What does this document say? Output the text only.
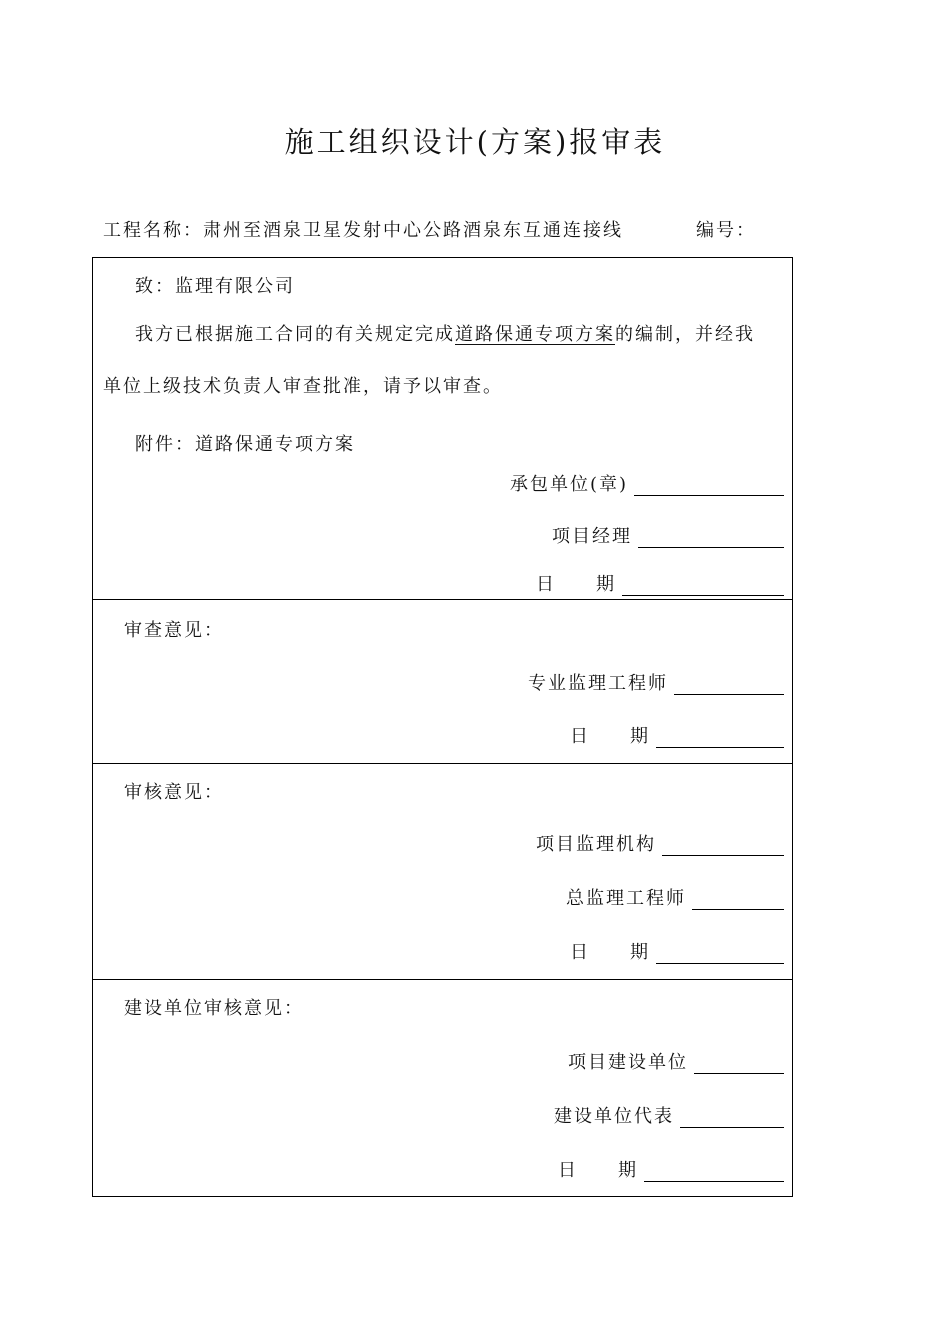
施工组织设计(方案)报审表
工程名称：肃州至酒泉卫星发射中心公路酒泉东互通连接线	编号：
致：监理有限公司
我方已根据施工合同的有关规定完成道路保通专项方案的编制，并经我
单位上级技术负责人审查批准，请予以审查。
附件：道路保通专项方案
承包单位(章)
项目经理
日　　期
审查意见：
专业监理工程师
日　　期
审核意见：
项目监理机构
总监理工程师
日　　期
建设单位审核意见：
项目建设单位
建设单位代表
日　　期
